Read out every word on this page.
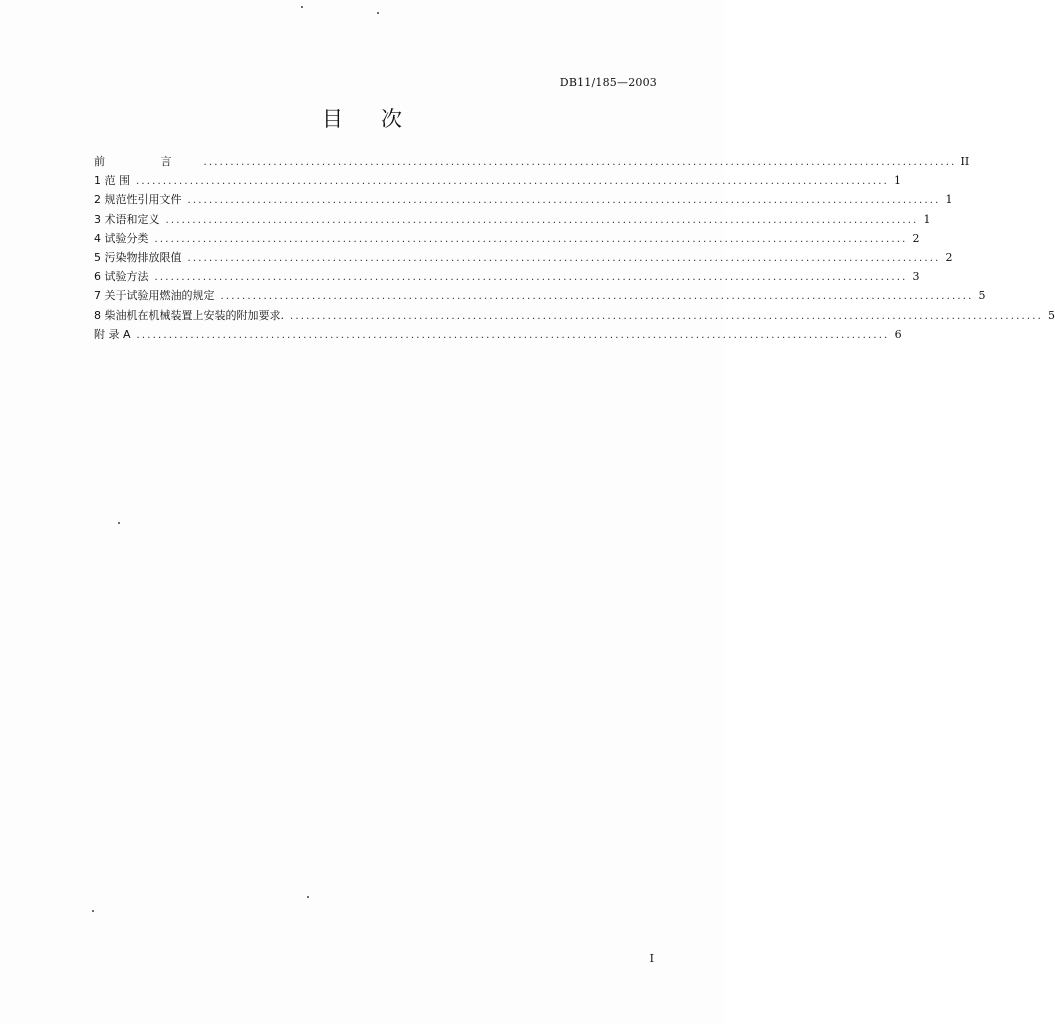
DB11/185—2003
目 次
前 言 ............................................................................................................................................ II
1 范 围 ............................................................................................................................................ 1
2 规范性引用文件 ............................................................................................................................................ 1
3 术语和定义 ............................................................................................................................................ 1
4 试验分类 ............................................................................................................................................ 2
5 污染物排放限值 ............................................................................................................................................ 2
6 试验方法 ............................................................................................................................................ 3
7 关于试验用燃油的规定 ............................................................................................................................................ 5
8 柴油机在机械装置上安装的附加要求. ............................................................................................................................................ 5
附 录 A ............................................................................................................................................ 6
I
